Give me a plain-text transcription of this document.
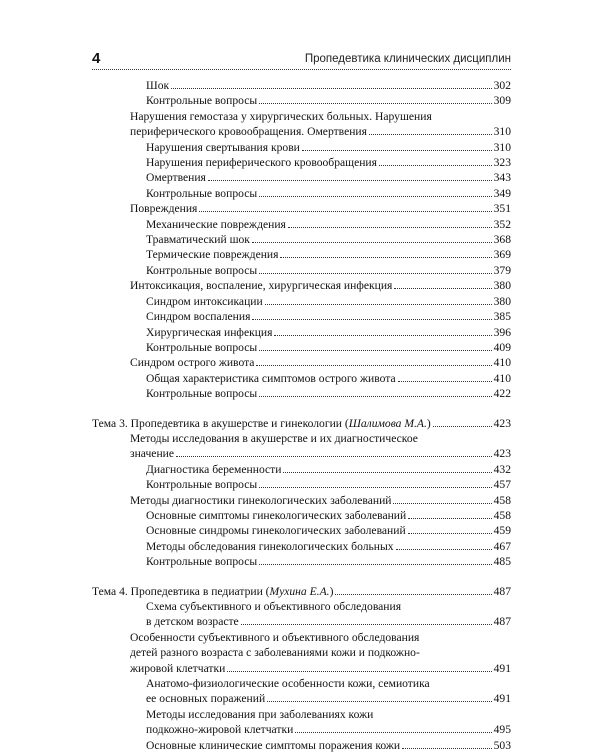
4	Пропедевтика клинических дисциплин
Шок	302
Контрольные вопросы	309
Нарушения гемостаза у хирургических больных. Нарушения
периферического кровообращения. Омертвения	310
Нарушения свертывания крови	310
Нарушения периферического кровообращения	323
Омертвения	343
Контрольные вопросы	349
Повреждения	351
Механические повреждения	352
Травматический шок	368
Термические повреждения	369
Контрольные вопросы	379
Интоксикация, воспаление, хирургическая инфекция	380
Синдром интоксикации	380
Синдром воспаления	385
Хирургическая инфекция	396
Контрольные вопросы	409
Синдром острого живота	410
Общая характеристика симптомов острого живота	410
Контрольные вопросы	422
Тема 3. Пропедевтика в акушерстве и гинекологии (Шалимова М.А.)	423
Методы исследования в акушерстве и их диагностическое
значение	423
Диагностика беременности	432
Контрольные вопросы	457
Методы диагностики гинекологических заболеваний	458
Основные симптомы гинекологических заболеваний	458
Основные синдромы гинекологических заболеваний	459
Методы обследования гинекологических больных	467
Контрольные вопросы	485
Тема 4. Пропедевтика в педиатрии (Мухина Е.А.)	487
Схема субъективного и объективного обследования
в детском возрасте	487
Особенности субъективного и объективного обследования
детей разного возраста с заболеваниями кожи и подкожно-
жировой клетчатки	491
Анатомо-физиологические особенности кожи, семиотика
ее основных поражений	491
Методы исследования при заболеваниях кожи
подкожно-жировой клетчатки	495
Основные клинические симптомы поражения кожи	503
